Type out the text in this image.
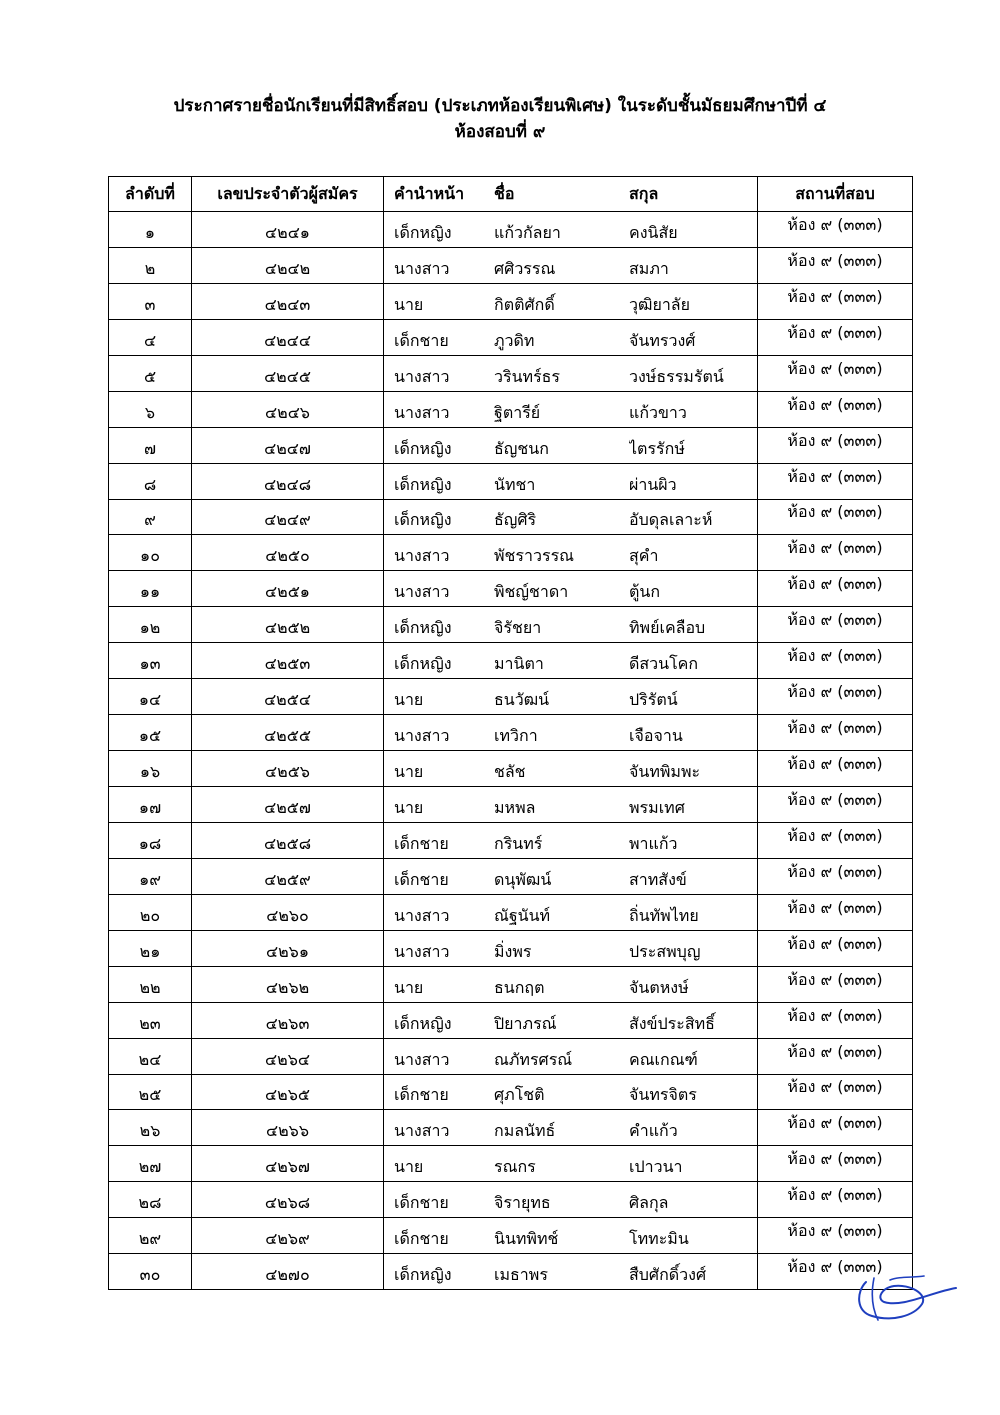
ประกาศรายชื่อนักเรียนที่มีสิทธิ์สอบ (ประเภทห้องเรียนพิเศษ) ในระดับชั้นมัธยมศึกษาปีที่ ๔
ห้องสอบที่ ๙
ลำดับที่	เลขประจำตัวผู้สมัคร	คำนำหน้า	ชื่อ	สกุล	สถานที่สอบ
๑	๔๒๔๑	เด็กหญิง	แก้วกัลยา	คงนิสัย	ห้อง ๙ (๓๓๓)
๒	๔๒๔๒	นางสาว	ศศิวรรณ	สมภา	ห้อง ๙ (๓๓๓)
๓	๔๒๔๓	นาย	กิตติศักดิ์	วุฒิยาลัย	ห้อง ๙ (๓๓๓)
๔	๔๒๔๔	เด็กชาย	ภูวดิท	จันทรวงศ์	ห้อง ๙ (๓๓๓)
๕	๔๒๔๕	นางสาว	วรินทร์ธร	วงษ์ธรรมรัตน์	ห้อง ๙ (๓๓๓)
๖	๔๒๔๖	นางสาว	ฐิตารีย์	แก้วขาว	ห้อง ๙ (๓๓๓)
๗	๔๒๔๗	เด็กหญิง	ธัญชนก	ไตรรักษ์	ห้อง ๙ (๓๓๓)
๘	๔๒๔๘	เด็กหญิง	นัทชา	ผ่านผิว	ห้อง ๙ (๓๓๓)
๙	๔๒๔๙	เด็กหญิง	ธัญศิริ	อับดุลเลาะห์	ห้อง ๙ (๓๓๓)
๑๐	๔๒๕๐	นางสาว	พัชราวรรณ	สุคำ	ห้อง ๙ (๓๓๓)
๑๑	๔๒๕๑	นางสาว	พิชญ์ชาดา	ตู้นก	ห้อง ๙ (๓๓๓)
๑๒	๔๒๕๒	เด็กหญิง	จิรัชยา	ทิพย์เคลือบ	ห้อง ๙ (๓๓๓)
๑๓	๔๒๕๓	เด็กหญิง	มานิตา	ดีสวนโคก	ห้อง ๙ (๓๓๓)
๑๔	๔๒๕๔	นาย	ธนวัฒน์	ปริรัตน์	ห้อง ๙ (๓๓๓)
๑๕	๔๒๕๕	นางสาว	เทวิกา	เจือจาน	ห้อง ๙ (๓๓๓)
๑๖	๔๒๕๖	นาย	ชลัช	จันทพิมพะ	ห้อง ๙ (๓๓๓)
๑๗	๔๒๕๗	นาย	มหพล	พรมเทศ	ห้อง ๙ (๓๓๓)
๑๘	๔๒๕๘	เด็กชาย	กรินทร์	พาแก้ว	ห้อง ๙ (๓๓๓)
๑๙	๔๒๕๙	เด็กชาย	ดนุพัฒน์	สาทสังข์	ห้อง ๙ (๓๓๓)
๒๐	๔๒๖๐	นางสาว	ณัฐนันท์	ถิ่นทัพไทย	ห้อง ๙ (๓๓๓)
๒๑	๔๒๖๑	นางสาว	มิ่งพร	ประสพบุญ	ห้อง ๙ (๓๓๓)
๒๒	๔๒๖๒	นาย	ธนกฤต	จันตหงษ์	ห้อง ๙ (๓๓๓)
๒๓	๔๒๖๓	เด็กหญิง	ปิยาภรณ์	สังข์ประสิทธิ์	ห้อง ๙ (๓๓๓)
๒๔	๔๒๖๔	นางสาว	ณภัทรศรณ์	คณเกณฑ์	ห้อง ๙ (๓๓๓)
๒๕	๔๒๖๕	เด็กชาย	ศุภโชติ	จันทรจิตร	ห้อง ๙ (๓๓๓)
๒๖	๔๒๖๖	นางสาว	กมลนัทธ์	คำแก้ว	ห้อง ๙ (๓๓๓)
๒๗	๔๒๖๗	นาย	รณกร	เปาวนา	ห้อง ๙ (๓๓๓)
๒๘	๔๒๖๘	เด็กชาย	จิรายุทธ	ศิลกุล	ห้อง ๙ (๓๓๓)
๒๙	๔๒๖๙	เด็กชาย	นินทพิทช์	โททะมิน	ห้อง ๙ (๓๓๓)
๓๐	๔๒๗๐	เด็กหญิง	เมธาพร	สืบศักดิ์วงศ์	ห้อง ๙ (๓๓๓)
